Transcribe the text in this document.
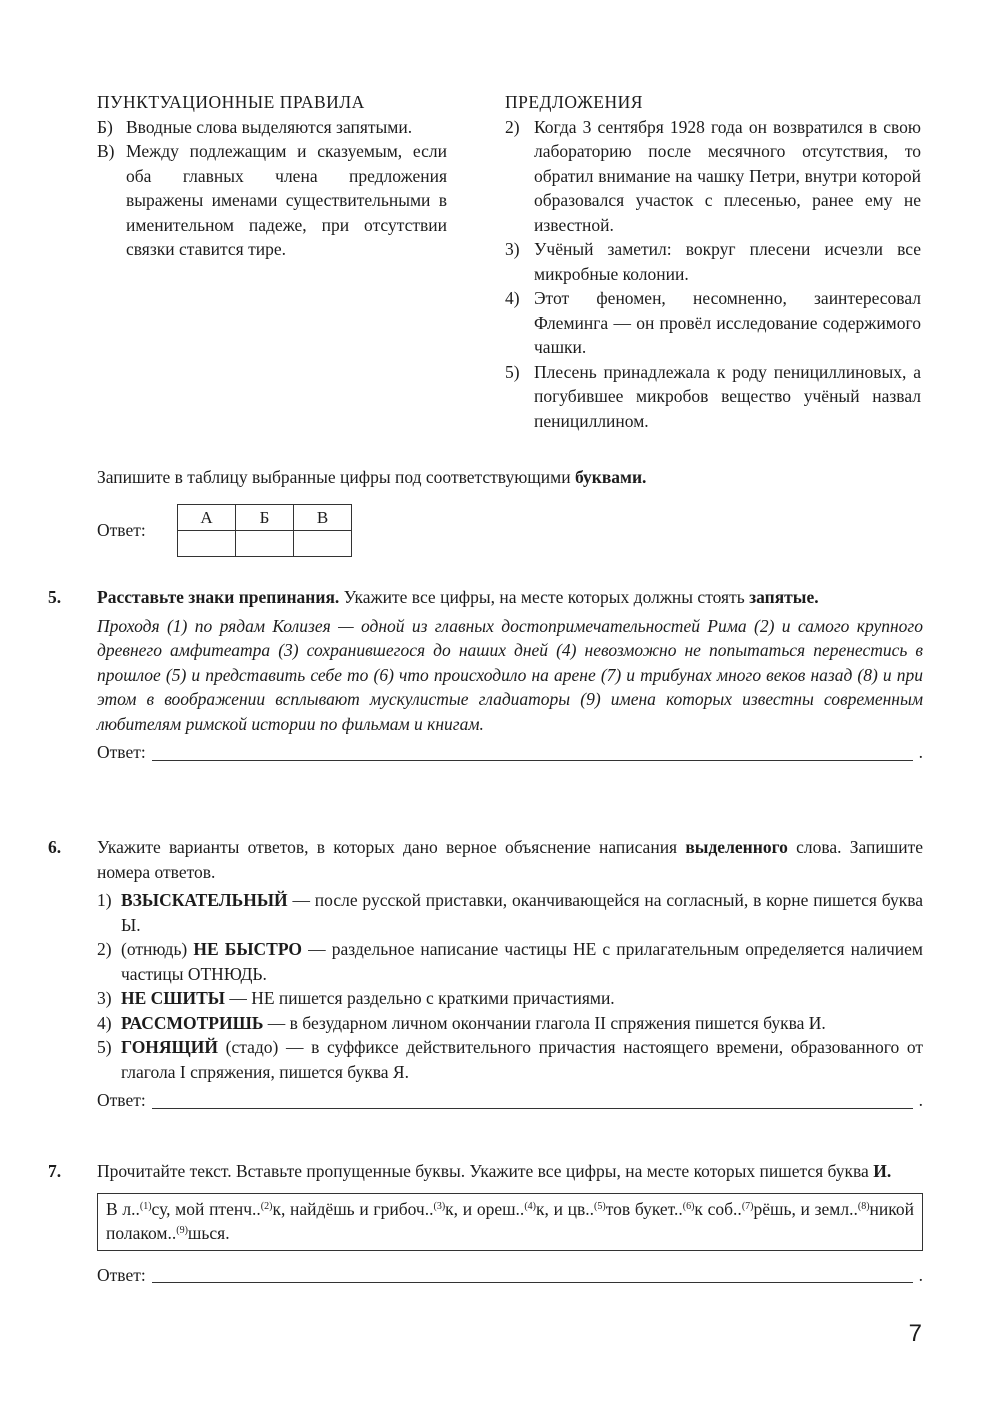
ПУНКТУАЦИОННЫЕ ПРАВИЛА
Б) Вводные слова выделяются запятыми.
В) Между подлежащим и сказуемым, если оба главных члена предложения выражены именами существительными в именительном падеже, при отсутствии связки ставится тире.
ПРЕДЛОЖЕНИЯ
2) Когда 3 сентября 1928 года он возвратился в свою лабораторию после месячного отсутствия, то обратил внимание на чашку Петри, внутри которой образовался участок с плесенью, ранее ему не известной.
3) Учёный заметил: вокруг плесени исчезли все микробные колонии.
4) Этот феномен, несомненно, заинтересовал Флеминга — он провёл исследование содержимого чашки.
5) Плесень принадлежала к роду пенициллиновых, а погубившее микробов вещество учёный назвал пенициллином.
Запишите в таблицу выбранные цифры под соответствующими буквами.
Ответ:
А	Б	В

5. Расставьте знаки препинания. Укажите все цифры, на месте которых должны стоять запятые.
Проходя (1) по рядам Колизея — одной из главных достопримечательностей Рима (2) и самого крупного древнего амфитеатра (3) сохранившегося до наших дней (4) невозможно не попытаться перенестись в прошлое (5) и представить себе то (6) что происходило на арене (7) и трибунах много веков назад (8) и при этом в воображении всплывают мускулистые гладиаторы (9) имена которых известны современным любителям римской истории по фильмам и книгам.
Ответ:	.
6. Укажите варианты ответов, в которых дано верное объяснение написания выделенного слова. Запишите номера ответов.
1) ВЗЫСКАТЕЛЬНЫЙ — после русской приставки, оканчивающейся на согласный, в корне пишется буква Ы.
2) (отнюдь) НЕ БЫСТРО — раздельное написание частицы НЕ с прилагательным определяется наличием частицы ОТНЮДЬ.
3) НЕ СШИТЫ — НЕ пишется раздельно с краткими причастиями.
4) РАССМОТРИШЬ — в безударном личном окончании глагола II спряжения пишется буква И.
5) ГОНЯЩИЙ (стадо) — в суффиксе действительного причастия настоящего времени, образованного от глагола I спряжения, пишется буква Я.
Ответ:	.
7. Прочитайте текст. Вставьте пропущенные буквы. Укажите все цифры, на месте которых пишется буква И.
В л..$^{(1)}$су, мой птенч..$^{(2)}$к, найдёшь и грибоч..$^{(3)}$к, и ореш..$^{(4)}$к, и цв..$^{(5)}$тов букет..$^{(6)}$к соб..$^{(7)}$рёшь, и земл..$^{(8)}$никой полаком..$^{(9)}$шься.
Ответ:	.
7
